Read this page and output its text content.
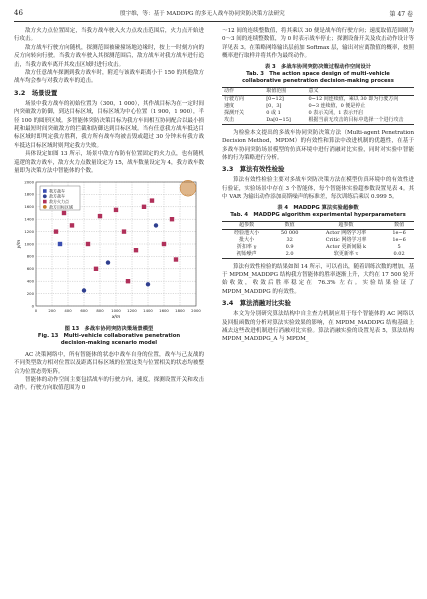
46	殷宇维，等：基于 MADDPG 的多无人战车协同突防决策方法研究	第 47 卷

敌方火力点位置固定，当我方战车驶入火力点攻击范围后，火力点开始进行攻击。

敌方战车行驶方向随机，探测范围被碰撞场地边缘时，按上一时刻方向的反方向转向行驶。当我方战车驶入其探测范围后，敌方战车对我方战车进行追击，当我方战车离开其攻击区域时进行攻击。

敌方任意战车探测到我方战车时，附近与该战车距离小于 150 的其他敌方战车均会参与对我方战车的追击。

3.2　场景设置

场景中我方战车的初始位置为（300，1 000），其作战目标为在一定时间内突破敌方防御，到达目标区域，目标区域为中心位置（1 900，1 900），半径 100 的圆形区域。多智能体突防决策目标为我方车间相互协同配合以最小损耗和最短时间突破敌方的拦截和防御达到目标区域。当有任意我方战车抵达目标区域时即判定我方胜利，我方所有战车均被击毁或超过 30 分钟未有我方战车抵达目标区域时则判定我方失败。

具体设定如图 13 所示，场景中敌方布防有位置固定的火力点，也有随机巡逻的敌方战车，敌方火力点数量设定为 15，战车数量设定为 4，我方战车数量即为决策方法中智能体的个数。

0	200 400 600 800 1000 1200 1400 1600 1800 2000
0
200
400
600
800
1000
1200
1400
1600
1800
2000
x/m
y/m
我方战车
敌方战车
敌方火力点
敌方目标区域
图 13　多战车协同突防决策场景模型
Fig. 13　Multi-vehicle collaborative penetration
decision-making scenario model

AC 决策网络中，所有智能体的状态中战车自身的位置，战车与己友战的不同类型敌方相对位置以及距离目标区域的位置这类与位置相关的状态均被整合为位置态势矩阵。

智能体的动作空间主要包括战车的行驶方向，速度，探测设置开关和攻击动作。行驶方向取值范围为 0

～12 间的连续整数值，将其乘以 30 便是战车的行驶方向；速度取值范围则为 0～3 间的连续整数值，为 0 时表示战车停止；探测设备开关及攻击动作设计等详见表 3。在策略网络输出层前加 Softmax 层，输出对应离散值的概率，按照概率进行取样并将其作为最终动作。

表 3　多战车协同突防决策过程动作空间设计
Tab. 3　The action space design of multi-vehicle
collaborative penetration decision-making process
动作	取值范围	意义
行驶方向	[0~12]	0~12 间连续值，乘以 30 即为行驶方向
速度	[0，3]	0~3 连续值，0 便是停止
探测开关	0 或 1	0 表示关闭，1 表示开启
攻击	Da[0~15]	根据当前无攻击的目标中选择一个进行攻击

为检验本文提出的多战车协同突防决策方法（Multi-agent Penetration Decision Method，MPDM）的有效性和算法中改进机制的优越性，在基于多战车协同突防场景模型的仿真环境中进行消融对比实验，同时对实验中智能体的行为策略进行分析。

3.3　算法有效性检验

算法有效性检验主要对多战车突防决策方法在模型仿真环境中的有效性进行验证，实验场景中存在 3 个智能体，每个智能体实验超参数设置见表 4。其中 VAR 为输出动作添加高斯噪声的标准差，每次训练后乘以 0.999 5。

表 4　MADDPG 算法实验超参数
Tab. 4　MADDPG algorithm experimental hyperparameters
超参数	数值	超参数	数值
经验池大小	50 000	Actor 网络学习率	1e−6
批大小	32	Critic 网络学习率	1e−6
折扣率 γ	0.9	Actor 更新间隔 k	5
初始噪声	2.0	软更新率 τ	0.02

算法有效性检验的结果如图 14 所示，可以看出，随着训练次数的增加，基于 MPDM_MADDPG 结构我方智能体的胜率逐渐上升，大约在 17 500 轮开始收敛，收敛后胜率稳定在 76.3% 左右。实验结果验证了 MPDM_MADDPG 的有效性。

3.4　算法消融对比实验

本文为分别研究算法结构中自主查力机制应用于每个智能体的 AC 网络以及回报函数的分析对算法实验效果的影响，在 MPDM_MADDPG 结构基础上减去这些改进机制进行消融对比实验。算法消融实验的设置见表 5，算法结构 MPDM_MADDPG_A 与 MPDM_
